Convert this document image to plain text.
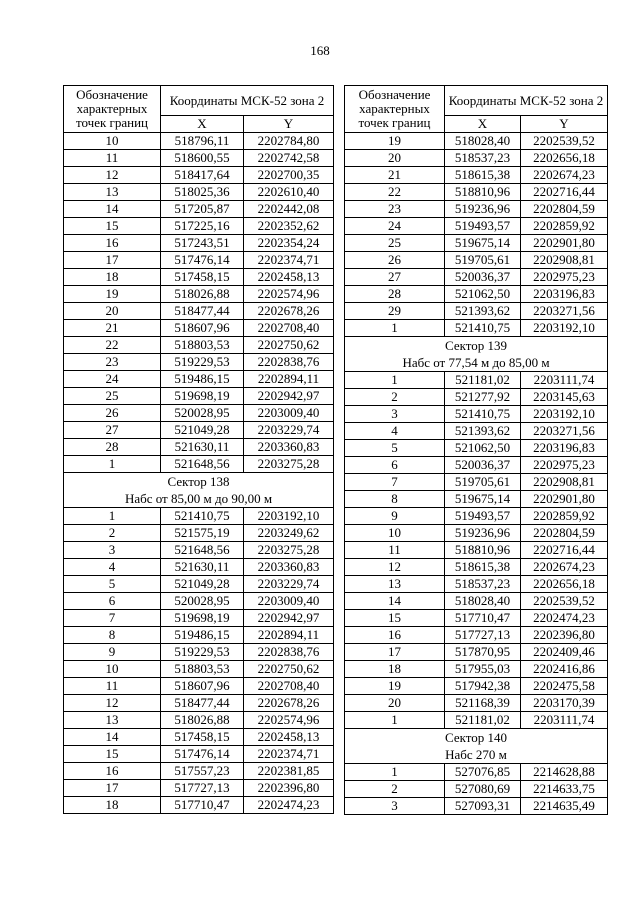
168
Обозначение характерных точек границ	Координаты МСК-52 зона 2	
	X	Y
10	518796,11	2202784,80
11	518600,55	2202742,58
12	518417,64	2202700,35
13	518025,36	2202610,40
14	517205,87	2202442,08
15	517225,16	2202352,62
16	517243,51	2202354,24
17	517476,14	2202374,71
18	517458,15	2202458,13
19	518026,88	2202574,96
20	518477,44	2202678,26
21	518607,96	2202708,40
22	518803,53	2202750,62
23	519229,53	2202838,76
24	519486,15	2202894,11
25	519698,19	2202942,97
26	520028,95	2203009,40
27	521049,28	2203229,74
28	521630,11	2203360,83
1	521648,56	2203275,28
Сектор 138		
Набс от 85,00 м до 90,00 м		
1	521410,75	2203192,10
2	521575,19	2203249,62
3	521648,56	2203275,28
4	521630,11	2203360,83
5	521049,28	2203229,74
6	520028,95	2203009,40
7	519698,19	2202942,97
8	519486,15	2202894,11
9	519229,53	2202838,76
10	518803,53	2202750,62
11	518607,96	2202708,40
12	518477,44	2202678,26
13	518026,88	2202574,96
14	517458,15	2202458,13
15	517476,14	2202374,71
16	517557,23	2202381,85
17	517727,13	2202396,80
18	517710,47	2202474,23
Обозначение характерных точек границ	Координаты МСК-52 зона 2	
	X	Y
19	518028,40	2202539,52
20	518537,23	2202656,18
21	518615,38	2202674,23
22	518810,96	2202716,44
23	519236,96	2202804,59
24	519493,57	2202859,92
25	519675,14	2202901,80
26	519705,61	2202908,81
27	520036,37	2202975,23
28	521062,50	2203196,83
29	521393,62	2203271,56
1	521410,75	2203192,10
Сектор 139		
Набс от 77,54 м до 85,00 м		
1	521181,02	2203111,74
2	521277,92	2203145,63
3	521410,75	2203192,10
4	521393,62	2203271,56
5	521062,50	2203196,83
6	520036,37	2202975,23
7	519705,61	2202908,81
8	519675,14	2202901,80
9	519493,57	2202859,92
10	519236,96	2202804,59
11	518810,96	2202716,44
12	518615,38	2202674,23
13	518537,23	2202656,18
14	518028,40	2202539,52
15	517710,47	2202474,23
16	517727,13	2202396,80
17	517870,95	2202409,46
18	517955,03	2202416,86
19	517942,38	2202475,58
20	521168,39	2203170,39
1	521181,02	2203111,74
Сектор 140		
Набс 270 м		
1	527076,85	2214628,88
2	527080,69	2214633,75
3	527093,31	2214635,49
